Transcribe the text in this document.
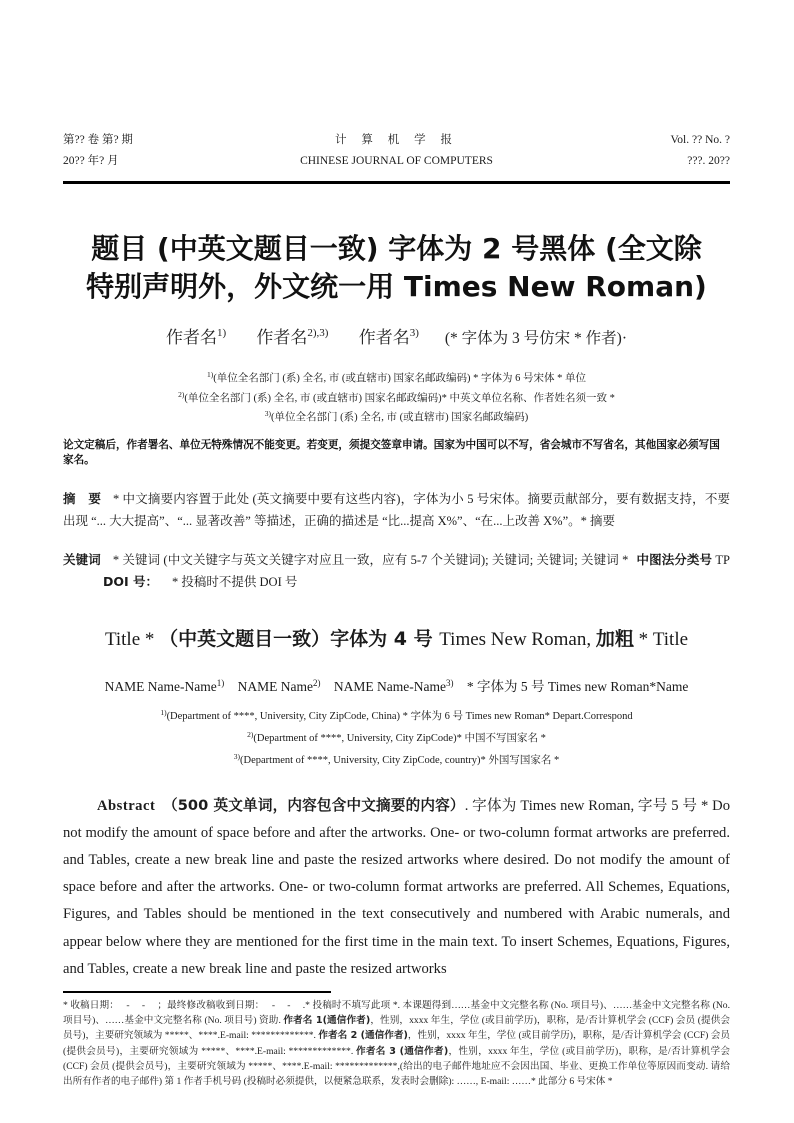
第?? 卷 第? 期
20?? 年? 月
计 算 机 学 报
CHINESE JOURNAL OF COMPUTERS
Vol. ?? No. ?
???. 20??
题目 (中英文题目一致) 字体为 2 号黑体 (全文除
特别声明外，外文统一用 Times New Roman)
作者名$^{1)}$ 作者名$^{2),3)}$ 作者名$^{3)}$ (* 字体为 3 号仿宋 * 作者)·
$^{1)}$(单位全名部门 (系) 全名, 市 (或直辖市) 国家名邮政编码) * 字体为 6 号宋体 * 单位
$^{2)}$(单位全名部门 (系) 全名, 市 (或直辖市) 国家名邮政编码)* 中英文单位名称、作者姓名须一致 *
$^{3)}$(单位全名部门 (系) 全名, 市 (或直辖市) 国家名邮政编码)
论文定稿后，作者署名、单位无特殊情况不能变更。若变更，须提交签章申请。国家为中国可以不写，省会城市不写省名，其他国家必须写国家名。

摘　要 * 中文摘要内容置于此处 (英文摘要中要有这些内容)，字体为小 5 号宋体。摘要贡献部分，要有数据支持，不要出现 “... 大大提高”、“... 显著改善” 等描述，正确的描述是 “比...提高 X%”、“在...上改善 X%”。* 摘要

关键词 * 关键词 (中文关键字与英文关键字对应且一致，应有 5-7 个关键词); 关键词; 关键词; 关键词 * 中图法分类号 TPDOI 号： * 投稿时不提供 DOI 号

Title * （中英文题目一致）字体为 4 号 Times New Roman, 加粗 * Title
NAME Name-Name$^{1)}$ NAME Name$^{2)}$ NAME Name-Name$^{3)}$ * 字体为 5 号 Times new Roman*Name
$^{1)}$(Department of ****, University, City ZipCode, China) * 字体为 6 号 Times new Roman* Depart.Correspond
$^{2)}$(Department of ****, University, City ZipCode)* 中国不写国家名 *
$^{3)}$(Department of ****, University, City ZipCode, country)* 外国写国家名 *

Abstract （500 英文单词，内容包含中文摘要的内容）. 字体为 Times new Roman, 字号 5 号 * Do not modify the amount of space before and after the artworks. One- or two-column format artworks are preferred. and Tables, create a new break line and paste the resized artworks where desired. Do not modify the amount of space before and after the artworks. One- or two-column format artworks are preferred. All Schemes, Equations, Figures, and Tables should be mentioned in the text consecutively and numbered with Arabic numerals, and appear below where they are mentioned for the first time in the main text. To insert Schemes, Equations, Figures, and Tables, create a new break line and paste the resized artworks

* 收稿日期：　 - 　- 　；最终修改稿收到日期：　 - 　- 　.* 投稿时不填写此项 *. 本课题得到……基金中文完整名称 (No. 项目号)、……基金中文完整名称 (No. 项目号)、……基金中文完整名称 (No. 项目号) 资助. 作者名 1(通信作者)，性别，xxxx 年生，学位 (或目前学历)，职称，是/否计算机学会 (CCF) 会员 (提供会员号)，主要研究领域为 *****、****.E-mail: *************. 作者名 2 (通信作者)，性别，xxxx 年生，学位 (或目前学历)，职称，是/否计算机学会 (CCF) 会员 (提供会员号)，主要研究领域为 *****、****.E-mail: *************. 作者名 3 (通信作者)，性别，xxxx 年生，学位 (或目前学历)，职称，是/否计算机学会 (CCF) 会员 (提供会员号)，主要研究领域为 *****、****.E-mail: *************,(给出的电子邮件地址应不会因出国、毕业、更换工作单位等原因而变动. 请给出所有作者的电子邮件) 第 1 作者手机号码 (投稿时必须提供，以便紧急联系，发表时会删除): ……, E-mail: ……* 此部分 6 号宋体 *
